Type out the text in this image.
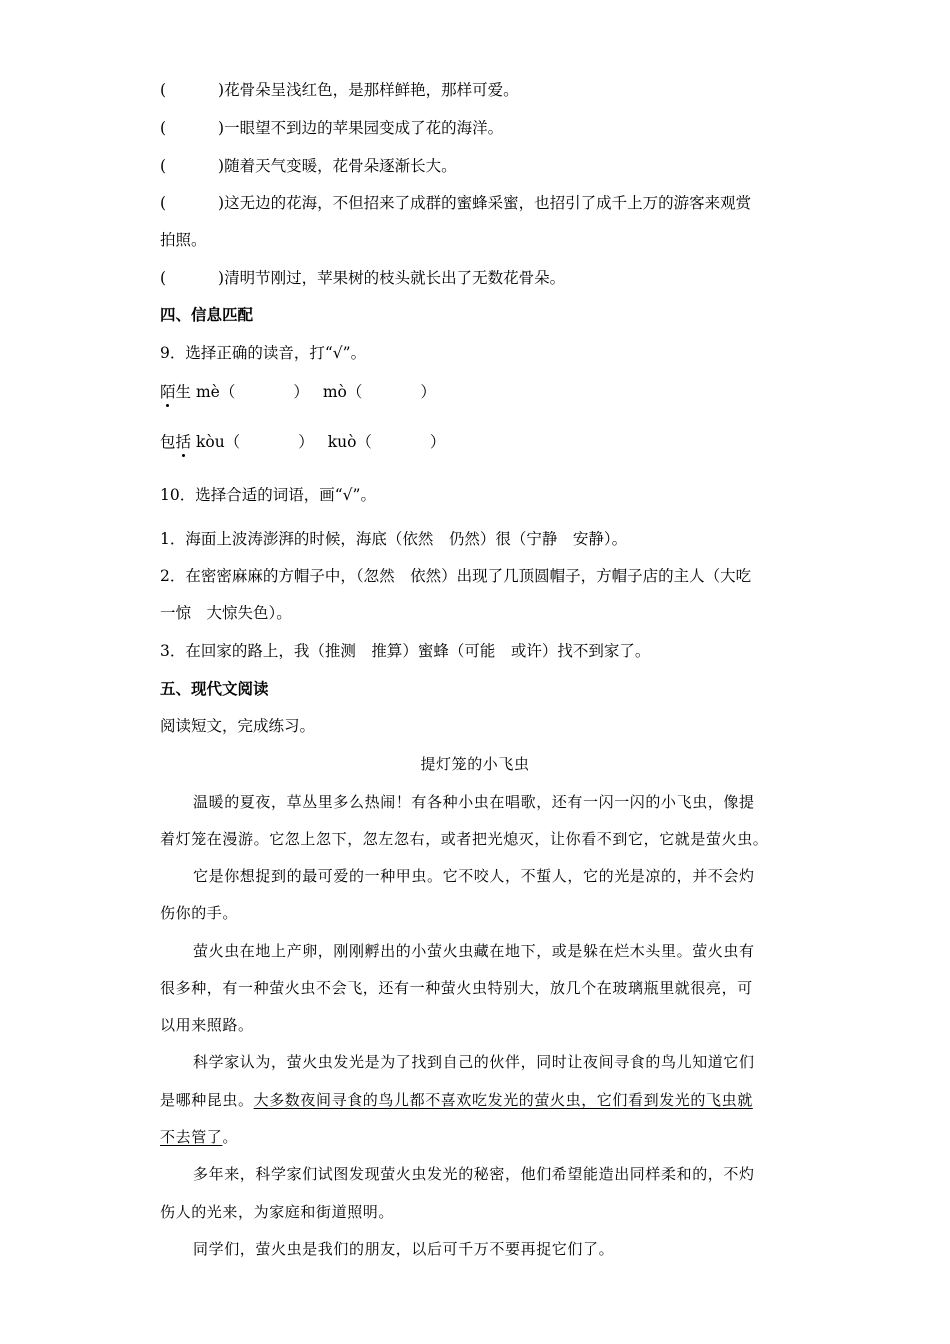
(	)花骨朵呈浅红色，是那样鲜艳，那样可爱。
(	)一眼望不到边的苹果园变成了花的海洋。
(	)随着天气变暖，花骨朵逐渐长大。
(	)这无边的花海，不但招来了成群的蜜蜂采蜜，也招引了成千上万的游客来观赏
拍照。
(	)清明节刚过，苹果树的枝头就长出了无数花骨朵。
四、信息匹配
9．选择正确的读音，打“√”。
陌生 mè（	） mò（	）
包括 kòu（	） kuò（	）
10．选择合适的词语，画“√”。
1．海面上波涛澎湃的时候，海底（依然　仍然）很（宁静　安静）。
2．在密密麻麻的方帽子中，（忽然　依然）出现了几顶圆帽子，方帽子店的主人（大吃
一惊　大惊失色）。
3．在回家的路上，我（推测　推算）蜜蜂（可能　或许）找不到家了。
五、现代文阅读
阅读短文，完成练习。
提灯笼的小飞虫
温暖的夏夜，草丛里多么热闹！有各种小虫在唱歌，还有一闪一闪的小飞虫，像提
着灯笼在漫游。它忽上忽下，忽左忽右，或者把光熄灭，让你看不到它，它就是萤火虫。
它是你想捉到的最可爱的一种甲虫。它不咬人，不蜇人，它的光是凉的，并不会灼
伤你的手。
萤火虫在地上产卵，刚刚孵出的小萤火虫藏在地下，或是躲在烂木头里。萤火虫有
很多种，有一种萤火虫不会飞，还有一种萤火虫特别大，放几个在玻璃瓶里就很亮，可
以用来照路。
科学家认为，萤火虫发光是为了找到自己的伙伴，同时让夜间寻食的鸟儿知道它们
是哪种昆虫。大多数夜间寻食的鸟儿都不喜欢吃发光的萤火虫，它们看到发光的飞虫就
不去管了。
多年来，科学家们试图发现萤火虫发光的秘密，他们希望能造出同样柔和的，不灼
伤人的光来，为家庭和街道照明。
同学们，萤火虫是我们的朋友，以后可千万不要再捉它们了。
